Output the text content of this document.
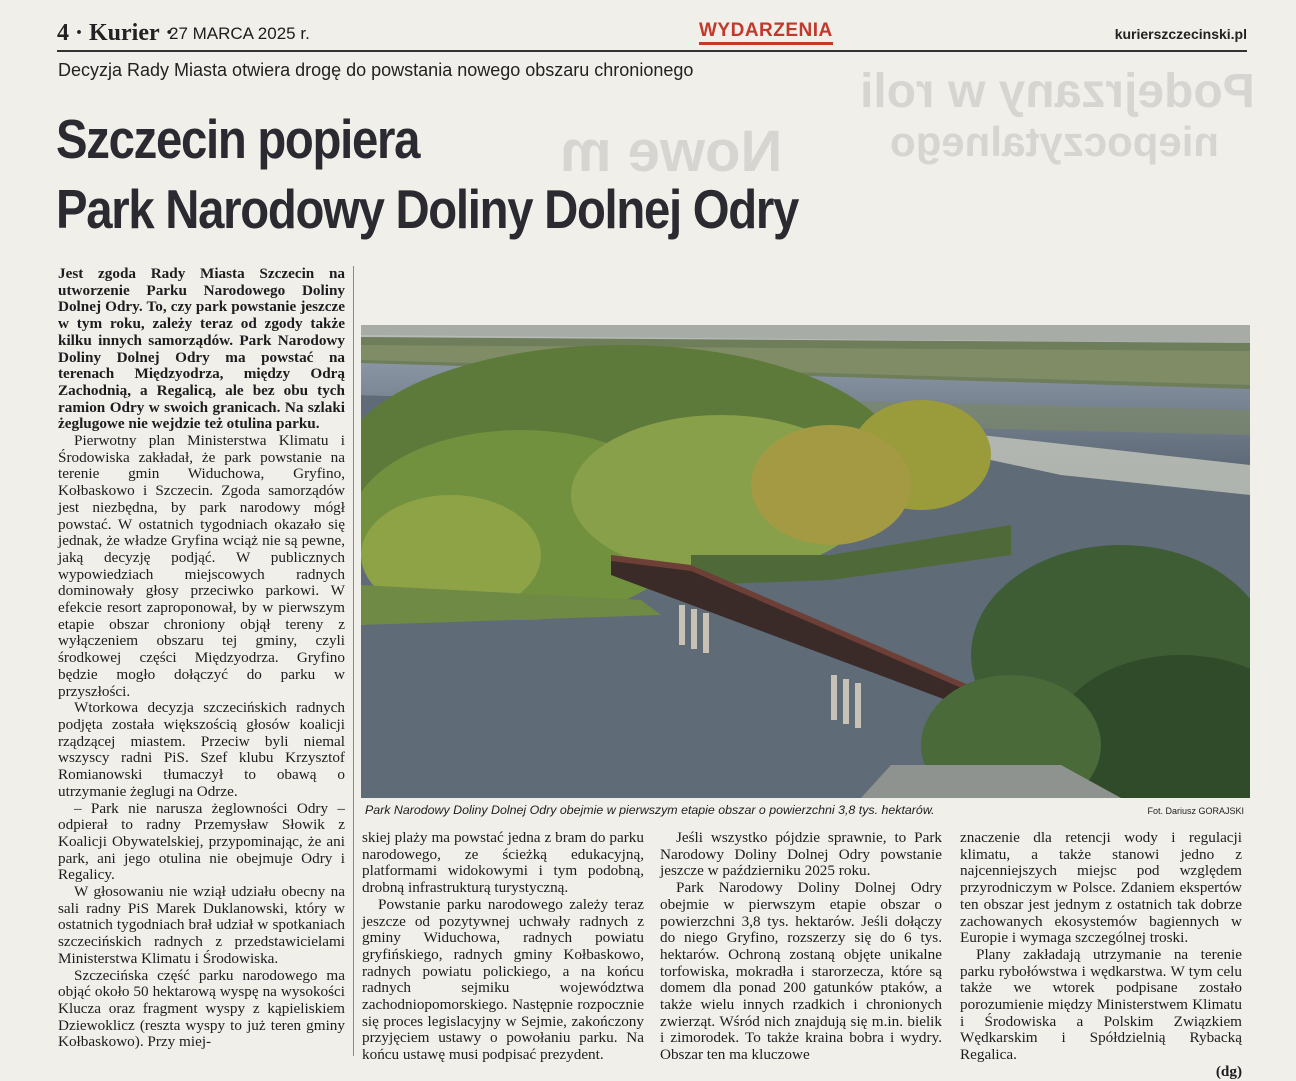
Nowe m
Podejrzany w roli
niepoczytalnego
4 · Kurier ·
27 MARCA 2025 r.	WYDARZENIA	kurierszczecinski.pl
Decyzja Rady Miasta otwiera drogę do powstania nowego obszaru chronionego
Szczecin popiera
Park Narodowy Doliny Dolnej Odry

Jest zgoda Rady Miasta Szczecin na utworzenie Parku Narodowego Doliny Dolnej Odry. To, czy park powstanie jeszcze w tym roku, zależy teraz od zgody także kilku innych samorządów. Park Narodowy Doliny Dolnej Odry ma powstać na terenach Międzyodrza, między Odrą Zachodnią, a Regalicą, ale bez obu tych ramion Odry w swoich granicach. Na szlaki żeglugowe nie wejdzie też otulina parku.

Pierwotny plan Ministerstwa Klimatu i Środowiska zakładał, że park powstanie na terenie gmin Widuchowa, Gryfino, Kołbaskowo i Szczecin. Zgoda samorządów jest niezbędna, by park narodowy mógł powstać. W ostatnich tygodniach okazało się jednak, że władze Gryfina wciąż nie są pewne, jaką decyzję podjąć. W publicznych wypowiedziach miejscowych radnych dominowały głosy przeciwko parkowi. W efekcie resort zaproponował, by w pierwszym etapie obszar chroniony objął tereny z wyłączeniem obszaru tej gminy, czyli środkowej części Międzyodrza. Gryfino będzie mogło dołączyć do parku w przyszłości.

Wtorkowa decyzja szczecińskich radnych podjęta została większością głosów koalicji rządzącej miastem. Przeciw byli niemal wszyscy radni PiS. Szef klubu Krzysztof Romianowski tłumaczył to obawą o utrzymanie żeglugi na Odrze.

– Park nie narusza żeglowności Odry – odpierał to radny Przemysław Słowik z Koalicji Obywatelskiej, przypominając, że ani park, ani jego otulina nie obejmuje Odry i Regalicy.

W głosowaniu nie wziął udziału obecny na sali radny PiS Marek Duklanowski, który w ostatnich tygodniach brał udział w spotkaniach szczecińskich radnych z przedstawicielami Ministerstwa Klimatu i Środowiska.

Szczecińska część parku narodowego ma objąć około 50 hektarową wyspę na wysokości Klucza oraz fragment wyspy z kąpieliskiem Dziewoklicz (reszta wyspy to już teren gminy Kołbaskowo). Przy miej-

Park Narodowy Doliny Dolnej Odry obejmie w pierwszym etapie obszar o powierzchni 3,8 tys. hektarów.	Fot. Dariusz GORAJSKI

skiej plaży ma powstać jedna z bram do parku narodowego, ze ścieżką edukacyjną, platformami widokowymi i tym podobną, drobną infrastrukturą turystyczną.

Powstanie parku narodowego zależy teraz jeszcze od pozytywnej uchwały radnych z gminy Widuchowa, radnych powiatu gryfińskiego, radnych gminy Kołbaskowo, radnych powiatu polickiego, a na końcu radnych sejmiku województwa zachodniopomorskiego. Następnie rozpocznie się proces legislacyjny w Sejmie, zakończony przyjęciem ustawy o powołaniu parku. Na końcu ustawę musi podpisać prezydent.

Jeśli wszystko pójdzie sprawnie, to Park Narodowy Doliny Dolnej Odry powstanie jeszcze w październiku 2025 roku.

Park Narodowy Doliny Dolnej Odry obejmie w pierwszym etapie obszar o powierzchni 3,8 tys. hektarów. Jeśli dołączy do niego Gryfino, rozszerzy się do 6 tys. hektarów. Ochroną zostaną objęte unikalne torfowiska, mokradła i starorzecza, które są domem dla ponad 200 gatunków ptaków, a także wielu innych rzadkich i chronionych zwierząt. Wśród nich znajdują się m.in. bielik i zimorodek. To także kraina bobra i wydry. Obszar ten ma kluczowe

znaczenie dla retencji wody i regulacji klimatu, a także stanowi jedno z najcenniejszych miejsc pod względem przyrodniczym w Polsce. Zdaniem ekspertów ten obszar jest jednym z ostatnich tak dobrze zachowanych ekosystemów bagiennych w Europie i wymaga szczególnej troski.

Plany zakładają utrzymanie na terenie parku rybołówstwa i wędkarstwa. W tym celu także we wtorek podpisane zostało porozumienie między Ministerstwem Klimatu i Środowiska a Polskim Związkiem Wędkarskim i Spółdzielnią Rybacką Regalica.

(dg)
